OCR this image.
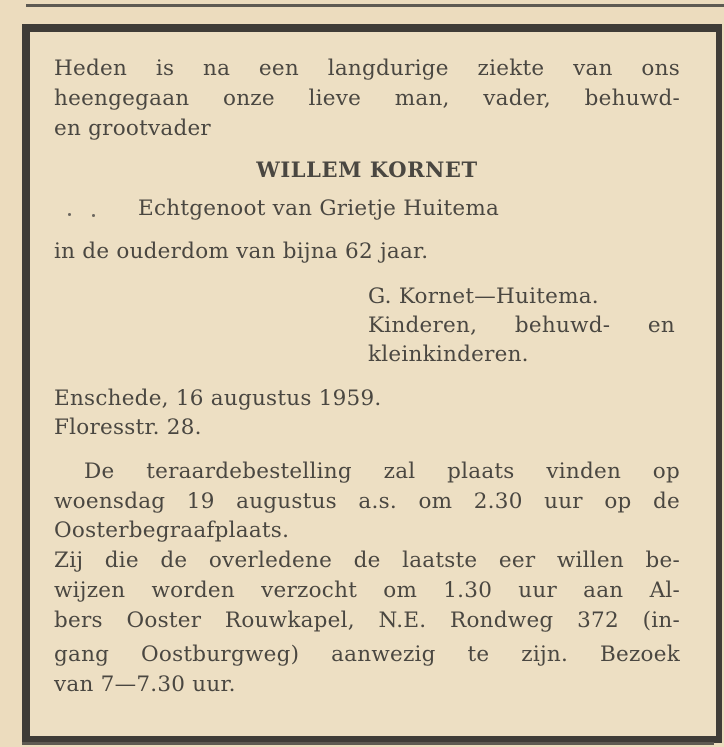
Heden is na een langdurige ziekte van ons
heengegaan onze lieve man, vader, behuwd-
en grootvader
WILLEM KORNET
Echtgenoot van Grietje Huitema
in de ouderdom van bijna 62 jaar.
G. Kornet—Huitema.
Kinderen, behuwd- en
kleinkinderen.
Enschede, 16 augustus 1959.
Floresstr. 28.
De teraardebestelling zal plaats vinden op
woensdag 19 augustus a.s. om 2.30 uur op de
Oosterbegraafplaats.
Zij die de overledene de laatste eer willen be-
wijzen worden verzocht om 1.30 uur aan Al-
bers Ooster Rouwkapel, N.E. Rondweg 372 (in-
gang Oostburgweg) aanwezig te zijn. Bezoek
van 7—7.30 uur.
